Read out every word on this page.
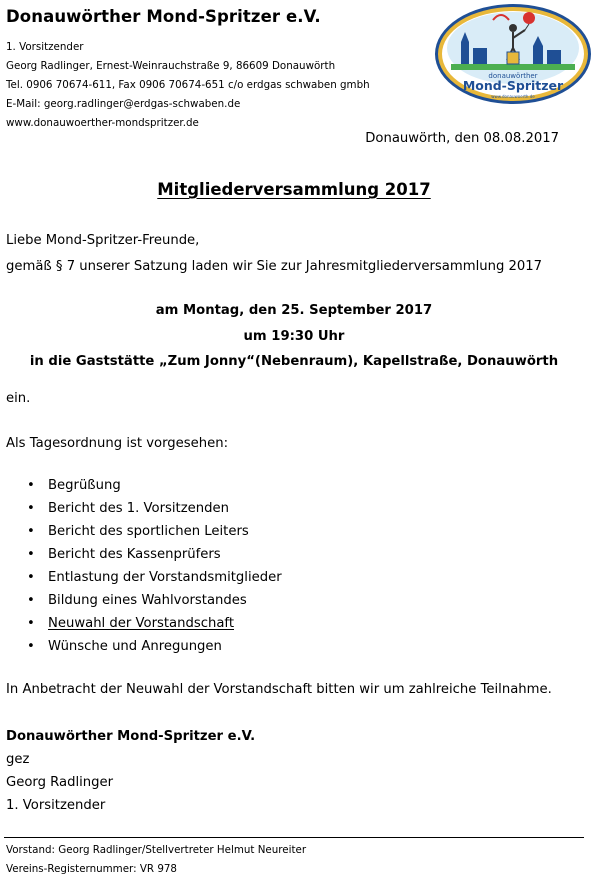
Donauwörther Mond-Spritzer e.V.
1. Vorsitzender
Georg Radlinger, Ernest-Weinrauchstraße 9, 86609 Donauwörth
Tel. 0906 70674-611, Fax 0906 70674-651 c/o erdgas schwaben gmbh
E-Mail: georg.radlinger@erdgas-schwaben.de
www.donauwoerther-mondspritzer.de
donauwörther
Mond-Spritzer
www.donauwoerth.de
Donauwörth, den 08.08.2017
Mitgliederversammlung 2017
Liebe Mond-Spritzer-Freunde,
gemäß § 7 unserer Satzung laden wir Sie zur Jahresmitgliederversammlung 2017
am Montag, den 25. September 2017
um 19:30 Uhr
in die Gaststätte „Zum Jonny“(Nebenraum), Kapellstraße, Donauwörth
ein.
Als Tagesordnung ist vorgesehen:
• Begrüßung
• Bericht des 1. Vorsitzenden
• Bericht des sportlichen Leiters
• Bericht des Kassenprüfers
• Entlastung der Vorstandsmitglieder
• Bildung eines Wahlvorstandes
• Neuwahl der Vorstandschaft
• Wünsche und Anregungen
In Anbetracht der Neuwahl der Vorstandschaft bitten wir um zahlreiche Teilnahme.
Donauwörther Mond-Spritzer e.V.
gez
Georg Radlinger
1. Vorsitzender
Vorstand: Georg Radlinger/Stellvertreter Helmut Neureiter
Vereins-Registernummer: VR 978
